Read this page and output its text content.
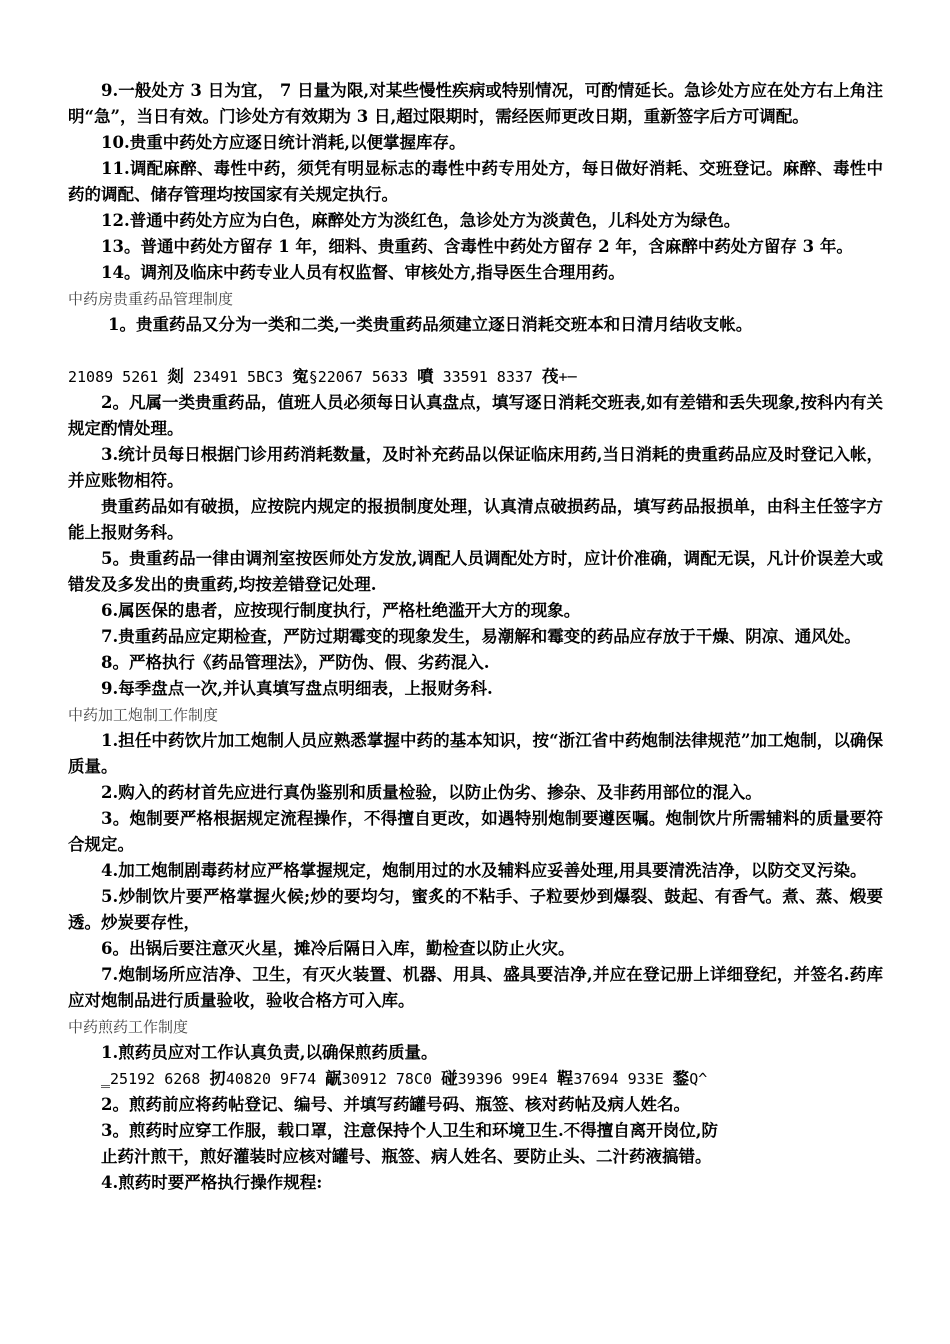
9.一般处方 3 日为宜， 7 日量为限,对某些慢性疾病或特别情况，可酌情延长。急诊处方应在处方右上角注明“急”，当日有效。门诊处方有效期为 3 日,超过限期时，需经医师更改日期，重新签字后方可调配。

10.贵重中药处方应逐日统计消耗,以便掌握库存。

11.调配麻醉、毒性中药，须凭有明显标志的毒性中药专用处方，每日做好消耗、交班登记。麻醉、毒性中药的调配、储存管理均按国家有关规定执行。

12.普通中药处方应为白色，麻醉处方为淡红色，急诊处方为淡黄色，儿科处方为绿色。

13。普通中药处方留存 1 年，细料、贵重药、含毒性中药处方留存 2 年，含麻醉中药处方留存 3 年。

14。调剂及临床中药专业人员有权监督、审核处方,指导医生合理用药。

中药房贵重药品管理制度

1。贵重药品又分为一类和二类,一类贵重药品须建立逐日消耗交班本和日清月结收支帐。

21089 5261 剡 23491 5BC3 寃§22067 5633 噴 33591 8337 茷+─

2。凡属一类贵重药品，值班人员必须每日认真盘点，填写逐日消耗交班表,如有差错和丢失现象,按科内有关规定酌情处理。

3.统计员每日根据门诊用药消耗数量，及时补充药品以保证临床用药,当日消耗的贵重药品应及时登记入帐，并应账物相符。

贵重药品如有破损，应按院内规定的报损制度处理，认真清点破损药品，填写药品报损单，由科主任签字方能上报财务科。

5。贵重药品一律由调剂室按医师处方发放,调配人员调配处方时，应计价准确，调配无误，凡计价误差大或错发及多发出的贵重药,均按差错登记处理.

6.属医保的患者，应按现行制度执行，严格杜绝滥开大方的现象。

7.贵重药品应定期检查，严防过期霉变的现象发生，易潮解和霉变的药品应存放于干燥、阴凉、通风处。

8。严格执行《药品管理法》，严防伪、假、劣药混入.

9.每季盘点一次,并认真填写盘点明细表，上报财务科.

中药加工炮制工作制度

1.担任中药饮片加工炮制人员应熟悉掌握中药的基本知识，按“浙江省中药炮制法律规范”加工炮制，以确保质量。

2.购入的药材首先应进行真伪鉴别和质量检验，以防止伪劣、掺杂、及非药用部位的混入。

3。炮制要严格根据规定流程操作，不得擅自更改，如遇特别炮制要遵医嘱。炮制饮片所需辅料的质量要符合规定。

4.加工炮制剧毒药材应严格掌握规定，炮制用过的水及辅料应妥善处理,用具要清洗洁净，以防交叉污染。

5.炒制饮片要严格掌握火候;炒的要均匀，蜜炙的不粘手、子粒要炒到爆裂、鼓起、有香气。煮、蒸、煅要透。炒炭要存性，

6。出锅后要注意灭火星，摊冷后隔日入库，勤检查以防止火灾。

7.炮制场所应洁净、卫生，有灭火装置、机器、用具、盛具要洁净,并应在登记册上详细登纪，并签名.药库应对炮制品进行质量验收，验收合格方可入库。

中药煎药工作制度

1.煎药员应对工作认真负责,以确保煎药质量。

‗25192 6268 扨40820 9F74 髛30912 78C0 碰39396 99E4 鞓37694 933E 鍪Q^

2。煎药前应将药帖登记、编号、并填写药罐号码、瓶签、核对药帖及病人姓名。

3。煎药时应穿工作服，载口罩，注意保持个人卫生和环境卫生.不得擅自离开岗位,防

止药汁煎干，煎好灌装时应核对罐号、瓶签、病人姓名、要防止头、二汁药液搞错。

4.煎药时要严格执行操作规程:
